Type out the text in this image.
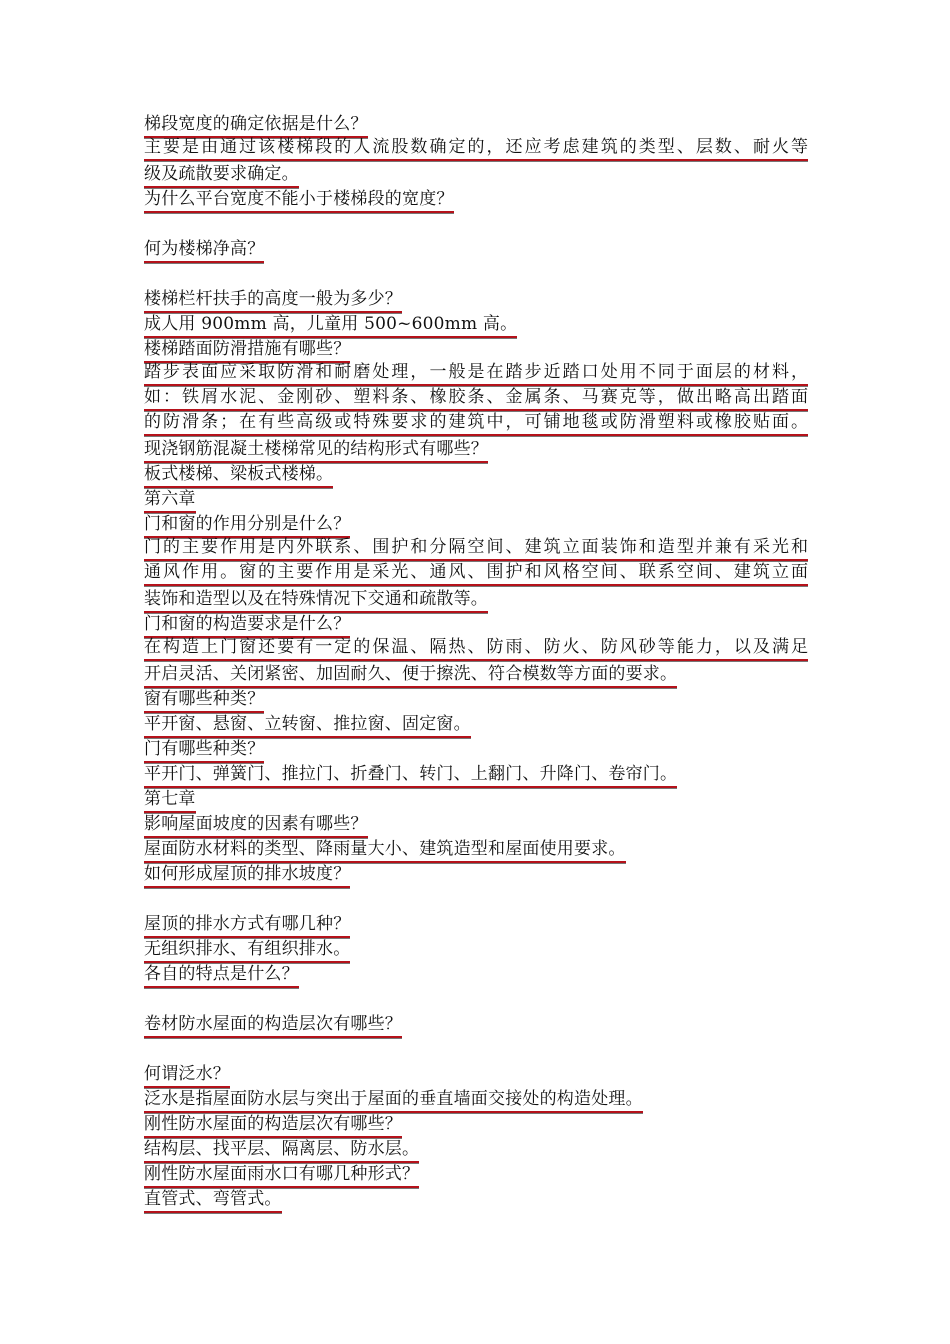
梯段宽度的确定依据是什么？
主要是由通过该楼梯段的人流股数确定的，还应考虑建筑的类型、层数、耐火等
级及疏散要求确定。
为什么平台宽度不能小于楼梯段的宽度？
何为楼梯净高？
楼梯栏杆扶手的高度一般为多少？
成人用 900mm 高，儿童用 500~600mm 高。
楼梯踏面防滑措施有哪些？
踏步表面应采取防滑和耐磨处理，一般是在踏步近踏口处用不同于面层的材料，
如：铁屑水泥、金刚砂、塑料条、橡胶条、金属条、马赛克等，做出略高出踏面
的防滑条；在有些高级或特殊要求的建筑中，可铺地毯或防滑塑料或橡胶贴面。
现浇钢筋混凝土楼梯常见的结构形式有哪些？
板式楼梯、梁板式楼梯。
第六章
门和窗的作用分别是什么？
门的主要作用是内外联系、围护和分隔空间、建筑立面装饰和造型并兼有采光和
通风作用。窗的主要作用是采光、通风、围护和风格空间、联系空间、建筑立面
装饰和造型以及在特殊情况下交通和疏散等。
门和窗的构造要求是什么？
在构造上门窗还要有一定的保温、隔热、防雨、防火、防风砂等能力，以及满足
开启灵活、关闭紧密、加固耐久、便于擦洗、符合模数等方面的要求。
窗有哪些种类？
平开窗、悬窗、立转窗、推拉窗、固定窗。
门有哪些种类？
平开门、弹簧门、推拉门、折叠门、转门、上翻门、升降门、卷帘门。
第七章
影响屋面坡度的因素有哪些？
屋面防水材料的类型、降雨量大小、建筑造型和屋面使用要求。
如何形成屋顶的排水坡度？
屋顶的排水方式有哪几种？
无组织排水、有组织排水。
各自的特点是什么？
卷材防水屋面的构造层次有哪些？
何谓泛水？
泛水是指屋面防水层与突出于屋面的垂直墙面交接处的构造处理。
刚性防水屋面的构造层次有哪些？
结构层、找平层、隔离层、防水层。
刚性防水屋面雨水口有哪几种形式？
直管式、弯管式。
